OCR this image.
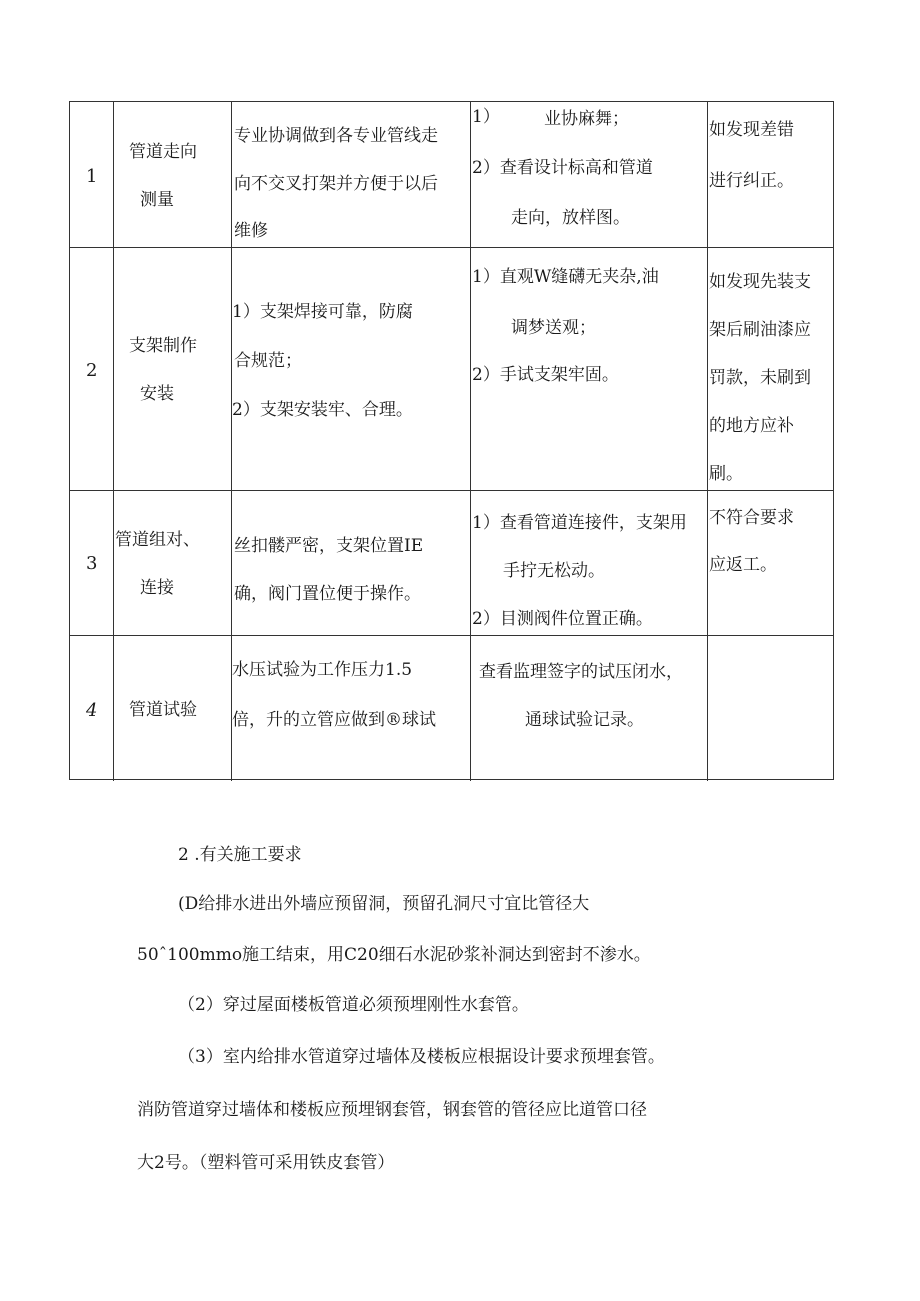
1
管道走向
测量
专业协调做到各专业管线走
向不交叉打架并方便于以后
维修
1）	业协麻舞；
2）查看设计标高和管道
走向，放样图。
如发现差错
进行纠正。
2
支架制作
安装
1）支架焊接可靠，防腐
合规范；
2）支架安装牢、合理。
1）直观W缝礴无夹杂,油
调梦送观；
2）手试支架牢固。
如发现先装支
架后刷油漆应
罚款，未刷到
的地方应补
刷。
3
管道组对、
连接
丝扣髅严密，支架位置IE
确，阀门置位便于操作。
1）查看管道连接件，支架用
手拧无松动。
2）目测阀件位置正确。
不符合要求
应返工。
4 管道试验
水压试验为工作压力1.5
倍，升的立管应做到®球试
查看监理签字的试压闭水，
通球试验记录。
2 .有关施工要求
(D给排水进出外墙应预留洞，预留孔洞尺寸宜比管径大
50ˆ100mmo施工结束，用C20细石水泥砂浆补洞达到密封不渗水。
（2）穿过屋面楼板管道必须预埋刚性水套管。
（3）室内给排水管道穿过墙体及楼板应根据设计要求预埋套管。
消防管道穿过墙体和楼板应预埋钢套管，钢套管的管径应比道管口径
大2号。（塑料管可采用铁皮套管）
